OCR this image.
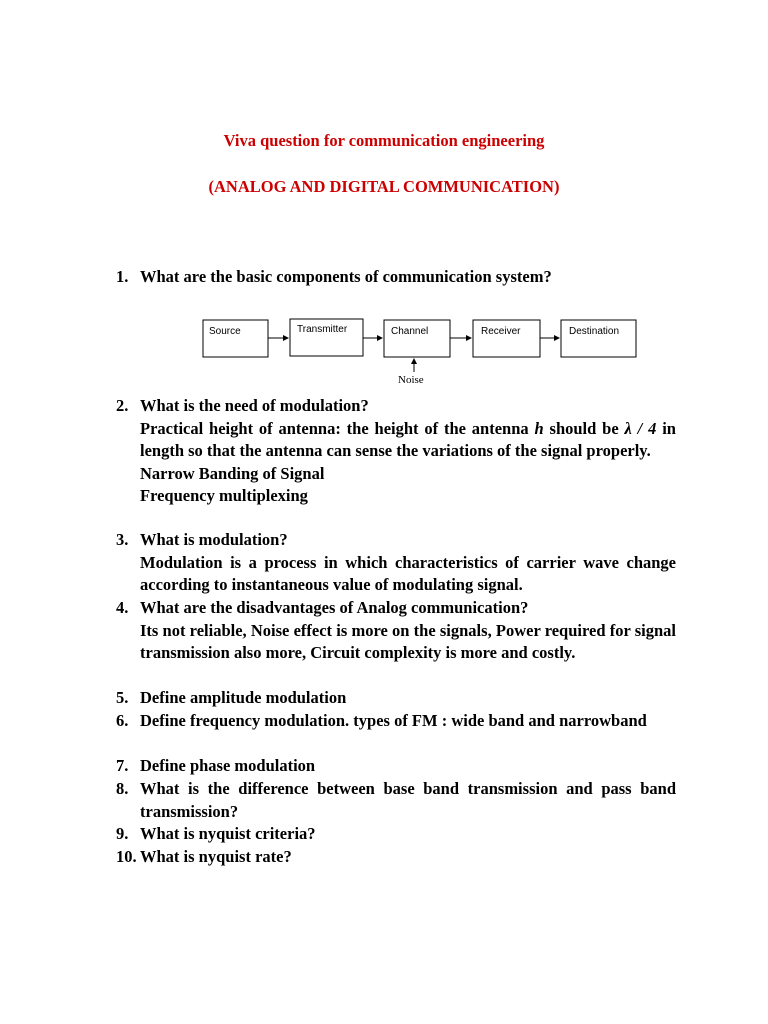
Viva question for communication engineering
(ANALOG AND DIGITAL COMMUNICATION)
1. What are the basic components of communication system?
Source	Transmitter	Channel	Receiver	Destination
Noise
2. What is the need of modulation?
Practical height of antenna: the height of the antenna h should be λ / 4 in length so that the antenna can sense the variations of the signal properly.
Narrow Banding of Signal
Frequency multiplexing
3. What is modulation?
Modulation is a process in which characteristics of carrier wave change according to instantaneous value of modulating signal.
4. What are the disadvantages of Analog communication?
Its not reliable, Noise effect is more on the signals, Power required for signal transmission also more, Circuit complexity is more and costly.
5. Define amplitude modulation
6. Define frequency modulation. types of FM : wide band and narrowband
7. Define phase modulation
8. What is the difference between base band transmission and pass band transmission?
9. What is nyquist criteria?
10. What is nyquist rate?
